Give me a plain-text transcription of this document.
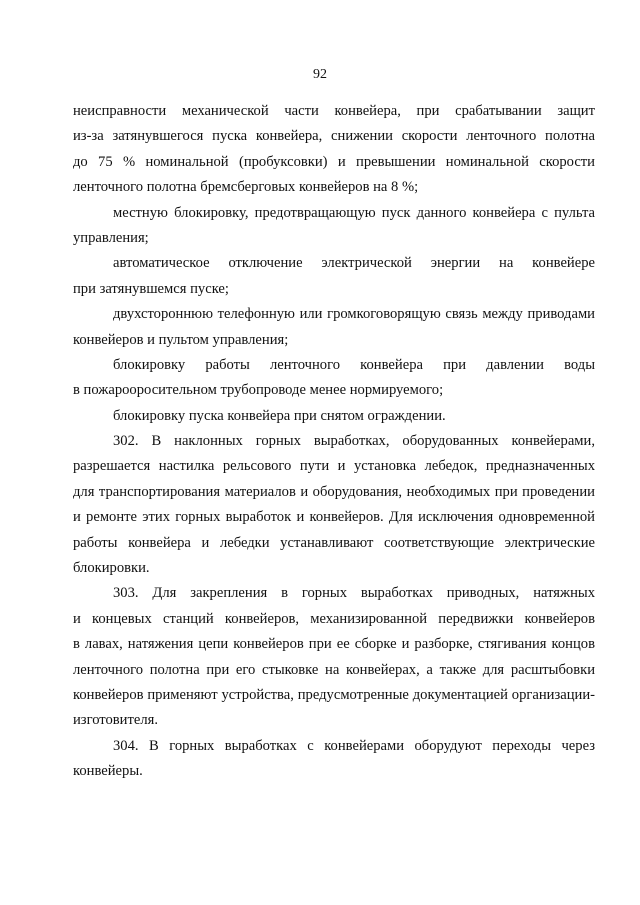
92
неисправности механической части конвейера, при срабатывании защит
из-за затянувшегося пуска конвейера, снижении скорости ленточного полотна
до 75 % номинальной (пробуксовки) и превышении номинальной скорости
ленточного полотна бремсберговых конвейеров на 8 %;
местную блокировку, предотвращающую пуск данного конвейера с пульта
управления;
автоматическое отключение электрической энергии на конвейере
при затянувшемся пуске;
двухстороннюю телефонную или громкоговорящую связь между приводами
конвейеров и пультом управления;
блокировку работы ленточного конвейера при давлении воды
в пожарооросительном трубопроводе менее нормируемого;
блокировку пуска конвейера при снятом ограждении.
302. В наклонных горных выработках, оборудованных конвейерами,
разрешается настилка рельсового пути и установка лебедок, предназначенных
для транспортирования материалов и оборудования, необходимых при проведении
и ремонте этих горных выработок и конвейеров. Для исключения одновременной
работы конвейера и лебедки устанавливают соответствующие электрические
блокировки.
303. Для закрепления в горных выработках приводных, натяжных
и концевых станций конвейеров, механизированной передвижки конвейеров
в лавах, натяжения цепи конвейеров при ее сборке и разборке, стягивания концов
ленточного полотна при его стыковке на конвейерах, а также для расштыбовки
конвейеров применяют устройства, предусмотренные документацией организации-
изготовителя.
304. В горных выработках с конвейерами оборудуют переходы через
конвейеры.
